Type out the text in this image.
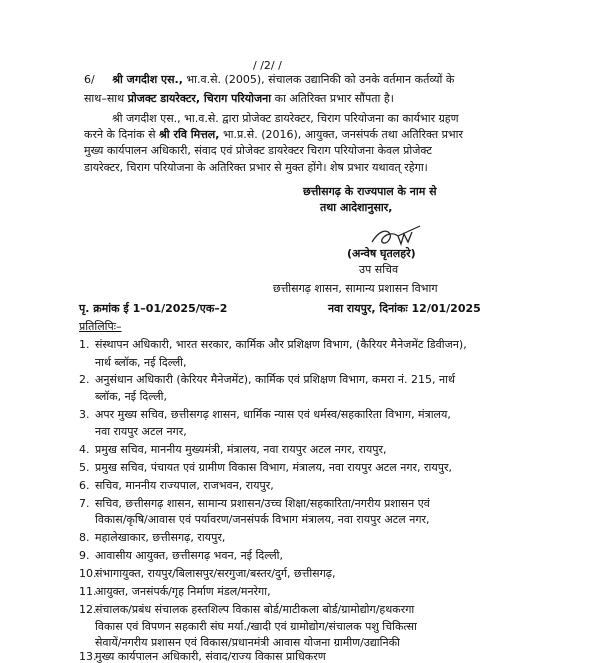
/ /2/ /
6/ श्री जगदीश एस., भा.व.से. (2005), संचालक उद्यानिकी को उनके वर्तमान कर्तव्यों के
साथ–साथ प्रोजक्ट डायरेक्टर, चिराग परियोजना का अतिरिक्त प्रभार सौंपता है।
श्री जगदीश एस., भा.व.से. द्वारा प्रोजेक्ट डायरेक्टर, चिराग परियोजना का कार्यभार ग्रहण
करने के दिनांक से श्री रवि मित्तल, भा.प्र.से. (2016), आयुक्त, जनसंपर्क तथा अतिरिक्त प्रभार
मुख्य कार्यपालन अधिकारी, संवाद एवं प्रोजेक्ट डायरेक्टर चिराग परियोजना केवल प्रोजेक्ट
डायरेक्टर, चिराग परियोजना के अतिरिक्त प्रभार से मुक्त होंगे। शेष प्रभार यथावत् रहेगा।
छत्तीसगढ़ के राज्यपाल के नाम से
तथा आदेशानुसार,
(अन्वेष घृतलहरे)
उप सचिव
छत्तीसगढ़ शासन, सामान्य प्रशासन विभाग
पृ. क्रमांक ई 1–01/2025/एक–2	नवा रायपुर, दिनांकः 12/01/2025
प्रतिलिपिः–
1. संस्थापन अधिकारी, भारत सरकार, कार्मिक और प्रशिक्षण विभाग, (कैरियर मैनेजमेंट डिवीजन),
नार्थ ब्लॉक, नई दिल्ली,
2. अनुसंधान अधिकारी (केरियर मैनेजमेंट), कार्मिक एवं प्रशिक्षण विभाग, कमरा नं. 215, नार्थ
ब्लॉक, नई दिल्ली,
3. अपर मुख्य सचिव, छत्तीसगढ़ शासन, धार्मिक न्यास एवं धर्मस्व/सहकारिता विभाग, मंत्रालय,
नवा रायपुर अटल नगर,
4. प्रमुख सचिव, माननीय मुख्यमंत्री, मंत्रालय, नवा रायपुर अटल नगर, रायपुर,
5. प्रमुख सचिव, पंचायत एवं ग्रामीण विकास विभाग, मंत्रालय, नवा रायपुर अटल नगर, रायपुर,
6. सचिव, माननीय राज्यपाल, राजभवन, रायपुर,
7. सचिव, छत्तीसगढ़ शासन, सामान्य प्रशासन/उच्च शिक्षा/सहकारिता/नगरीय प्रशासन एवं
विकास/कृषि/आवास एवं पर्यावरण/जनसंपर्क विभाग मंत्रालय, नवा रायपुर अटल नगर,
8. महालेखाकार, छत्तीसगढ़, रायपुर,
9. आवासीय आयुक्त, छत्तीसगढ़ भवन, नई दिल्ली,
10.
संभागायुक्त, रायपुर/बिलासपुर/सरगुजा/बस्तर/दुर्ग, छत्तीसगढ़,
11.
आयुक्त, जनसंपर्क/गृह निर्माण मंडल/मनरेगा,
12.
संचालक/प्रबंध संचालक हस्तशिल्प विकास बोर्ड/माटीकला बोर्ड/ग्रामोद्योग/हथकरगा
विकास एवं विपणन सहकारी संघ मर्या./खादी एवं ग्रामोद्योग/संचालक पशु चिकित्सा
सेवायें/नगरीय प्रशासन एवं विकास/प्रधानमंत्री आवास योजना ग्रामीण/उद्यानिकी
13.
मुख्य कार्यपालन अधिकारी, संवाद/राज्य विकास प्राधिकरण
